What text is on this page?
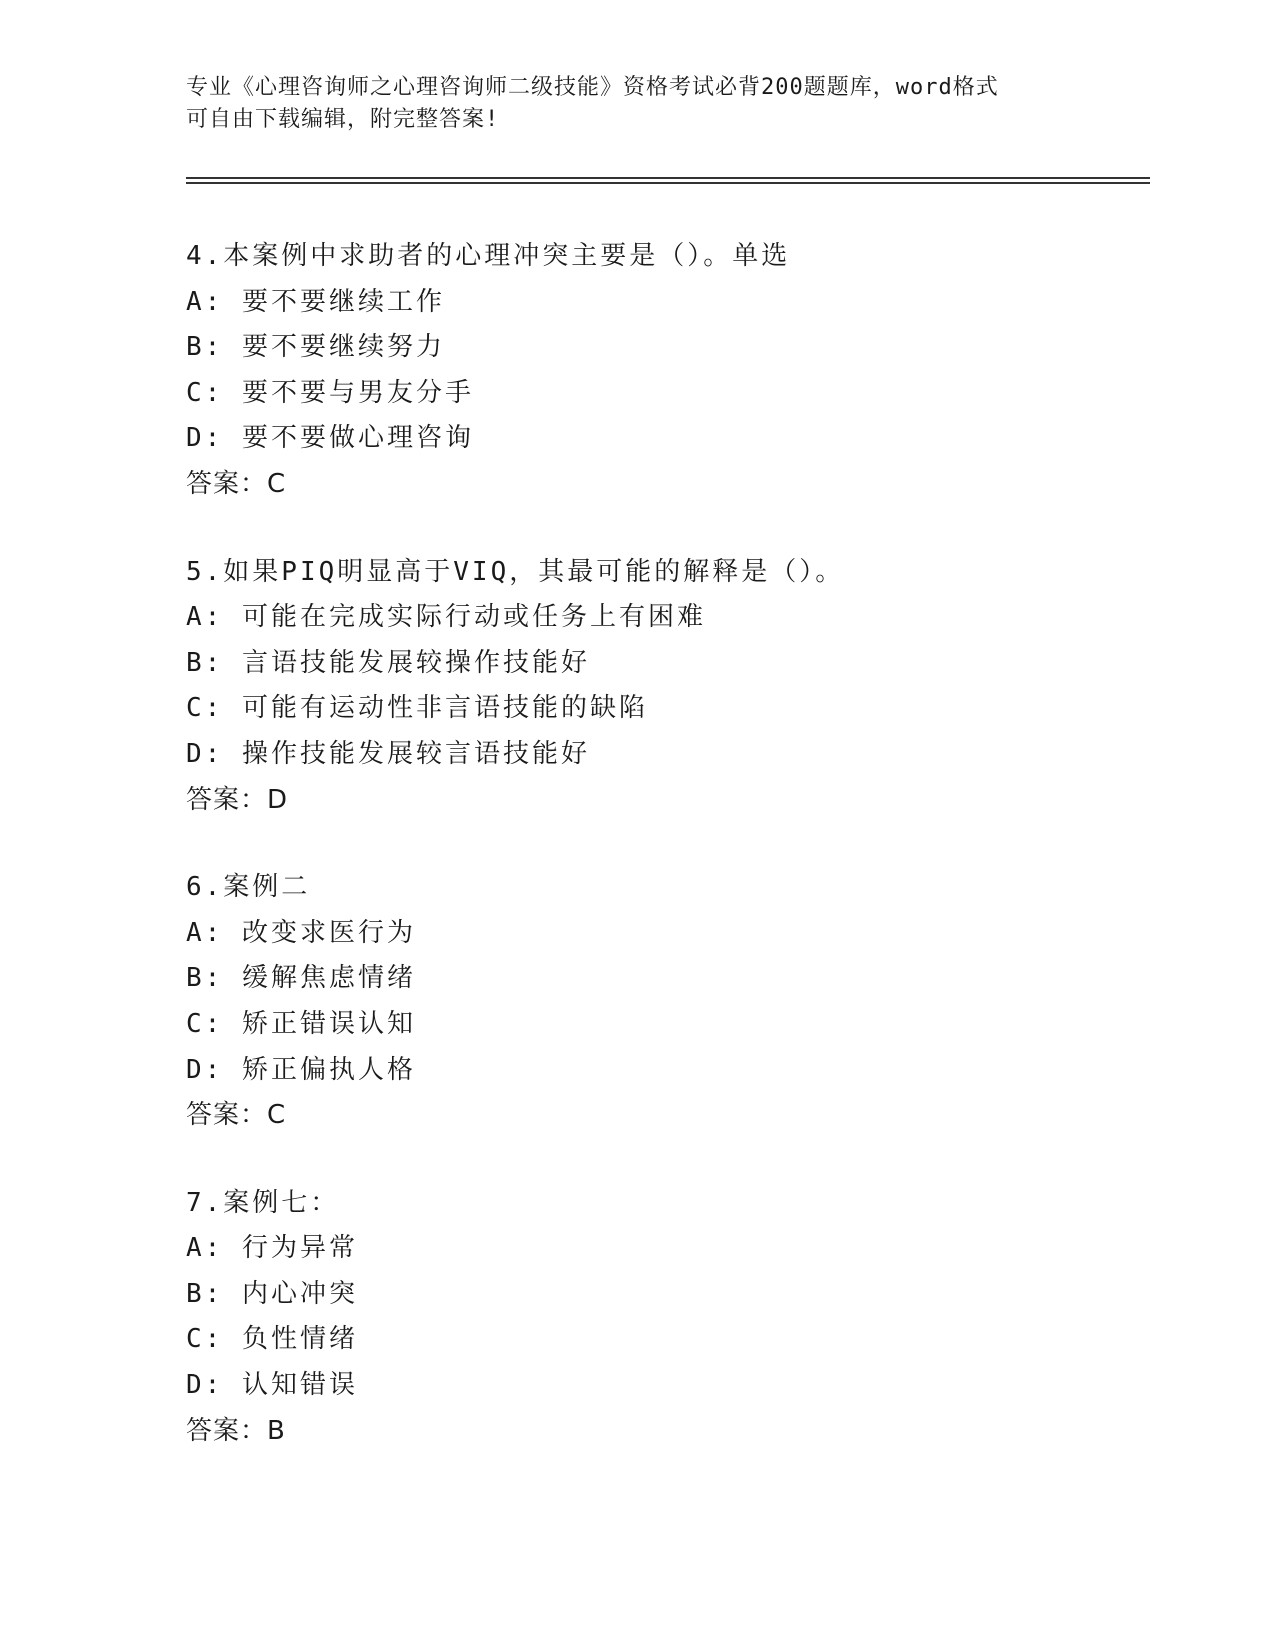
专业《心理咨询师之心理咨询师二级技能》资格考试必背200题题库，word格式

可自由下载编辑，附完整答案!

4.本案例中求助者的心理冲突主要是（）。单选
A: 要不要继续工作
B: 要不要继续努力
C: 要不要与男友分手
D: 要不要做心理咨询
答案：C
5.如果PIQ明显高于VIQ，其最可能的解释是（）。
A: 可能在完成实际行动或任务上有困难
B: 言语技能发展较操作技能好
C: 可能有运动性非言语技能的缺陷
D: 操作技能发展较言语技能好
答案：D
6.案例二
A: 改变求医行为
B: 缓解焦虑情绪
C: 矫正错误认知
D: 矫正偏执人格
答案：C
7.案例七：
A: 行为异常
B: 内心冲突
C: 负性情绪
D: 认知错误
答案：B
